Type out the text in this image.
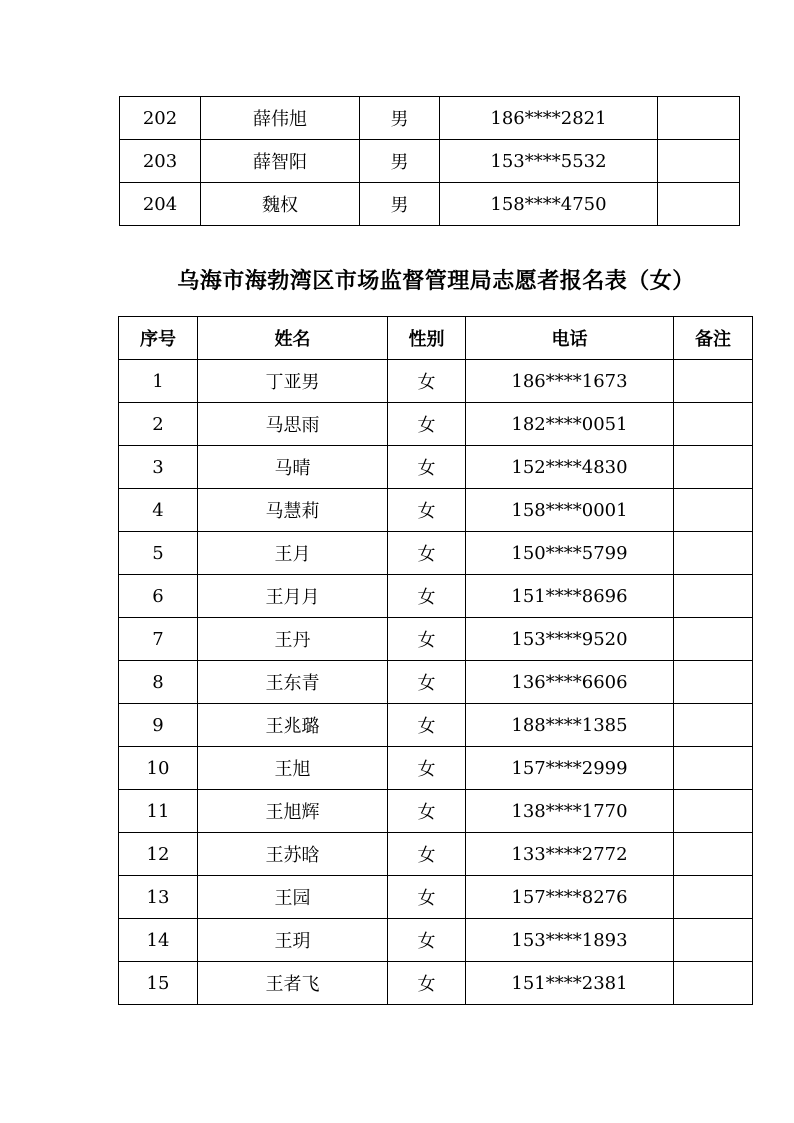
202	薛伟旭	男	186****2821	
203	薛智阳	男	153****5532	
204	魏权	男	158****4750	
乌海市海勃湾区市场监督管理局志愿者报名表（女）
序号	姓名	性别	电话	备注
1	丁亚男	女	186****1673	
2	马思雨	女	182****0051	
3	马晴	女	152****4830	
4	马慧莉	女	158****0001	
5	王月	女	150****5799	
6	王月月	女	151****8696	
7	王丹	女	153****9520	
8	王东青	女	136****6606	
9	王兆璐	女	188****1385	
10	王旭	女	157****2999	
11	王旭辉	女	138****1770	
12	王苏晗	女	133****2772	
13	王园	女	157****8276	
14	王玥	女	153****1893	
15	王者飞	女	151****2381	
